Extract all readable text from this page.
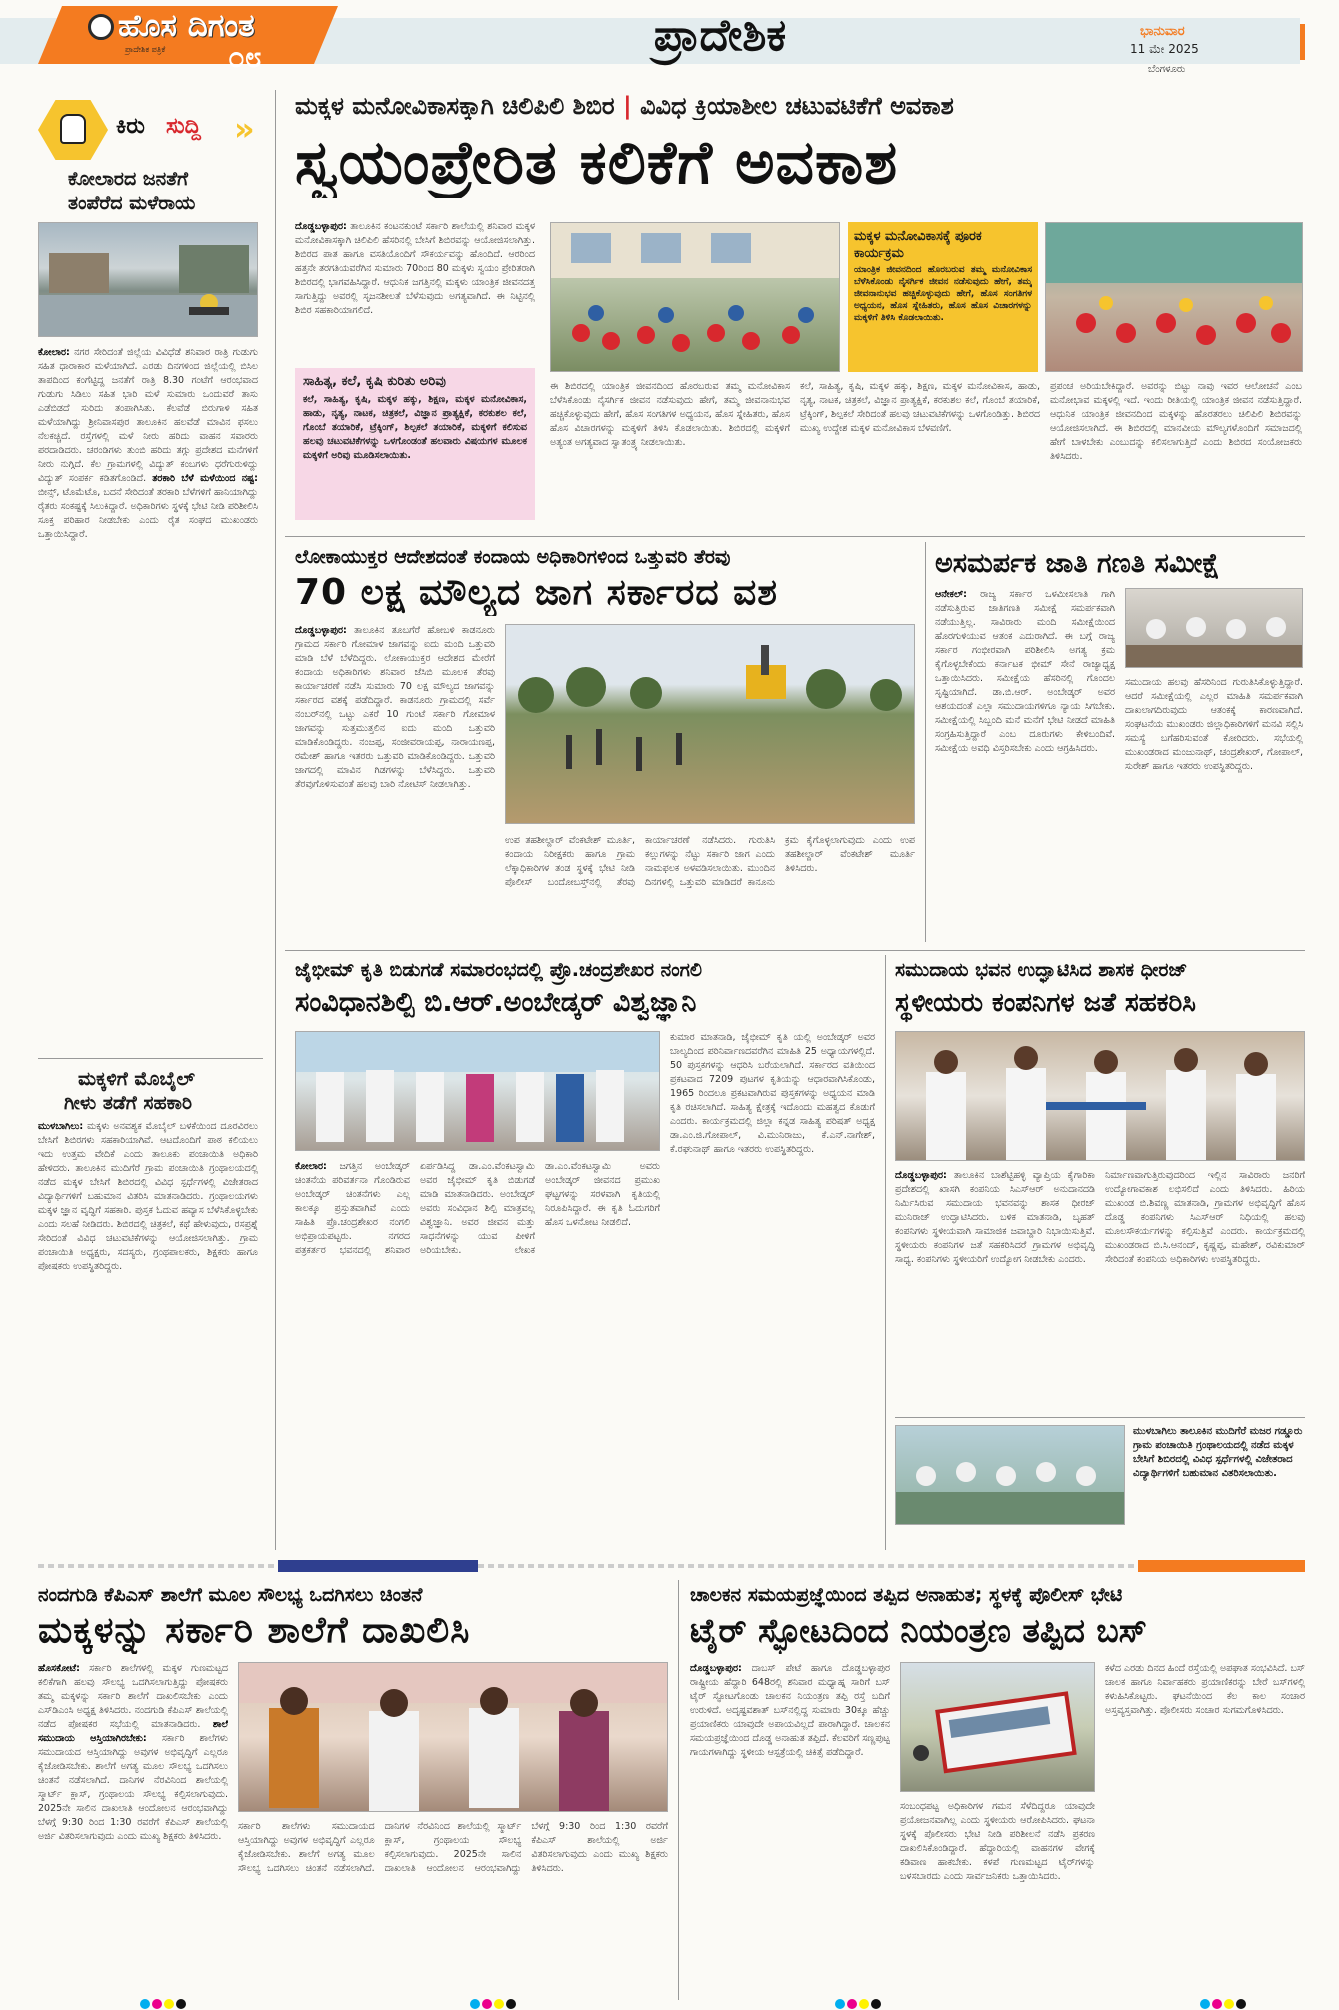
ಹೊಸ ದಿಗಂತ
ಪ್ರಾದೇಶಿಕ ಪತ್ರಿಕೆ ೦೮	ಪ್ರಾದೇಶಿಕ	ಭಾನುವಾರ
11 ಮೇ 2025
ಬೆಂಗಳೂರು
ಕಿರು ಸುದ್ದಿ »
ಕೋಲಾರದ ಜನತೆಗೆ
ತಂಪೆರೆದ ಮಳೆರಾಯ
ಕೋಲಾರ: ನಗರ ಸೇರಿದಂತೆ ಜಿಲ್ಲೆಯ ವಿವಿಧೆಡೆ ಶನಿವಾರ ರಾತ್ರಿ ಗುಡುಗು ಸಹಿತ ಧಾರಾಕಾರ ಮಳೆಯಾಗಿದೆ. ಎರಡು ದಿನಗಳಿಂದ ಜಿಲ್ಲೆಯಲ್ಲಿ ಬಿಸಿಲ ತಾಪದಿಂದ ಕಂಗೆಟ್ಟಿದ್ದ ಜನತೆಗೆ ರಾತ್ರಿ 8.30 ಗಂಟೆಗೆ ಆರಂಭವಾದ ಗುಡುಗು ಸಿಡಿಲು ಸಹಿತ ಭಾರಿ ಮಳೆ ಸುಮಾರು ಒಂದುವರೆ ತಾಸು ಎಡೆಬಿಡದೆ ಸುರಿದು ತಂಪಾಗಿಸಿತು. ಕೆಲವೆಡೆ ಬಿರುಗಾಳಿ ಸಹಿತ ಮಳೆಯಾಗಿದ್ದು ಶ್ರೀನಿವಾಸಪುರ ತಾಲೂಕಿನ ಹಲವೆಡೆ ಮಾವಿನ ಫಸಲು ನೆಲಕಚ್ಚಿದೆ. ರಸ್ತೆಗಳಲ್ಲಿ ಮಳೆ ನೀರು ಹರಿದು ವಾಹನ ಸವಾರರು ಪರದಾಡಿದರು. ಚರಂಡಿಗಳು ತುಂಬಿ ಹರಿದು ತಗ್ಗು ಪ್ರದೇಶದ ಮನೆಗಳಿಗೆ ನೀರು ನುಗ್ಗಿದೆ. ಕೆಲ ಗ್ರಾಮಗಳಲ್ಲಿ ವಿದ್ಯುತ್ ಕಂಬಗಳು ಧರೆಗುರುಳಿದ್ದು ವಿದ್ಯುತ್ ಸಂಪರ್ಕ ಕಡಿತಗೊಂಡಿದೆ. ತರಕಾರಿ ಬೆಳೆ ಮಳೆಯಿಂದ ನಷ್ಟ: ಬೀನ್ಸ್, ಟೊಮೆಟೊ, ಬದನೆ ಸೇರಿದಂತೆ ತರಕಾರಿ ಬೆಳೆಗಳಿಗೆ ಹಾನಿಯಾಗಿದ್ದು ರೈತರು ಸಂಕಷ್ಟಕ್ಕೆ ಸಿಲುಕಿದ್ದಾರೆ. ಅಧಿಕಾರಿಗಳು ಸ್ಥಳಕ್ಕೆ ಭೇಟಿ ನೀಡಿ ಪರಿಶೀಲಿಸಿ ಸೂಕ್ತ ಪರಿಹಾರ ನೀಡಬೇಕು ಎಂದು ರೈತ ಸಂಘದ ಮುಖಂಡರು ಒತ್ತಾಯಿಸಿದ್ದಾರೆ.
ಮಕ್ಕಳಿಗೆ ಮೊಬೈಲ್
ಗೀಳು ತಡೆಗೆ ಸಹಕಾರಿ
ಮುಳಬಾಗಿಲು: ಮಕ್ಕಳು ಅನವಶ್ಯಕ ಮೊಬೈಲ್ ಬಳಕೆಯಿಂದ ದೂರವಿರಲು ಬೇಸಿಗೆ ಶಿಬಿರಗಳು ಸಹಕಾರಿಯಾಗಿವೆ. ಆಟದೊಂದಿಗೆ ಪಾಠ ಕಲಿಯಲು ಇದು ಉತ್ತಮ ವೇದಿಕೆ ಎಂದು ತಾಲೂಕು ಪಂಚಾಯಿತಿ ಅಧಿಕಾರಿ ಹೇಳಿದರು. ತಾಲೂಕಿನ ಮುದಿಗೆರೆ ಗ್ರಾಮ ಪಂಚಾಯಿತಿ ಗ್ರಂಥಾಲಯದಲ್ಲಿ ನಡೆದ ಮಕ್ಕಳ ಬೇಸಿಗೆ ಶಿಬಿರದಲ್ಲಿ ವಿವಿಧ ಸ್ಪರ್ಧೆಗಳಲ್ಲಿ ವಿಜೇತರಾದ ವಿದ್ಯಾರ್ಥಿಗಳಿಗೆ ಬಹುಮಾನ ವಿತರಿಸಿ ಮಾತನಾಡಿದರು. ಗ್ರಂಥಾಲಯಗಳು ಮಕ್ಕಳ ಜ್ಞಾನ ವೃದ್ಧಿಗೆ ಸಹಕಾರಿ. ಪುಸ್ತಕ ಓದುವ ಹವ್ಯಾಸ ಬೆಳೆಸಿಕೊಳ್ಳಬೇಕು ಎಂದು ಸಲಹೆ ನೀಡಿದರು. ಶಿಬಿರದಲ್ಲಿ ಚಿತ್ರಕಲೆ, ಕಥೆ ಹೇಳುವುದು, ರಸಪ್ರಶ್ನೆ ಸೇರಿದಂತೆ ವಿವಿಧ ಚಟುವಟಿಕೆಗಳನ್ನು ಆಯೋಜಿಸಲಾಗಿತ್ತು. ಗ್ರಾಮ ಪಂಚಾಯಿತಿ ಅಧ್ಯಕ್ಷರು, ಸದಸ್ಯರು, ಗ್ರಂಥಪಾಲಕರು, ಶಿಕ್ಷಕರು ಹಾಗೂ ಪೋಷಕರು ಉಪಸ್ಥಿತರಿದ್ದರು.
ಮಕ್ಕಳ ಮನೋವಿಕಾಸಕ್ಕಾಗಿ ಚಿಲಿಪಿಲಿ ಶಿಬಿರ | ವಿವಿಧ ಕ್ರಿಯಾಶೀಲ ಚಟುವಟಿಕೆಗೆ ಅವಕಾಶ
ಸ್ವಯಂಪ್ರೇರಿತ ಕಲಿಕೆಗೆ ಅವಕಾಶ
ದೊಡ್ಡಬಳ್ಳಾಪುರ: ತಾಲೂಕಿನ ಕಂಟನಕುಂಟೆ ಸರ್ಕಾರಿ ಶಾಲೆಯಲ್ಲಿ ಶನಿವಾರ ಮಕ್ಕಳ ಮನೋವಿಕಾಸಕ್ಕಾಗಿ ಚಿಲಿಪಿಲಿ ಹೆಸರಿನಲ್ಲಿ ಬೇಸಿಗೆ ಶಿಬಿರವನ್ನು ಆಯೋಜಿಸಲಾಗಿತ್ತು. ಶಿಬಿರದ ಪಾತ ಹಾಗೂ ವಸತಿಯೊಂದಿಗೆ ಸೌಕರ್ಯವನ್ನು ಹೊಂದಿದೆ. ಆರರಿಂದ ಹತ್ತನೇ ತರಗತಿಯವರೆಗಿನ ಸುಮಾರು 70ರಿಂದ 80 ಮಕ್ಕಳು ಸ್ವಯಂ ಪ್ರೇರಿತರಾಗಿ ಶಿಬಿರದಲ್ಲಿ ಭಾಗವಹಿಸಿದ್ದಾರೆ. ಆಧುನಿಕ ಜಗತ್ತಿನಲ್ಲಿ ಮಕ್ಕಳು ಯಾಂತ್ರಿಕ ಜೀವನದತ್ತ ಸಾಗುತ್ತಿದ್ದು ಅವರಲ್ಲಿ ಸೃಜನಶೀಲತೆ ಬೆಳೆಸುವುದು ಅಗತ್ಯವಾಗಿದೆ. ಈ ನಿಟ್ಟಿನಲ್ಲಿ ಶಿಬಿರ ಸಹಕಾರಿಯಾಗಲಿದೆ.
ಸಾಹಿತ್ಯ, ಕಲೆ, ಕೃಷಿ ಕುರಿತು ಅರಿವು
ಕಲೆ, ಸಾಹಿತ್ಯ, ಕೃಷಿ, ಮಕ್ಕಳ ಹಕ್ಕು, ಶಿಕ್ಷಣ, ಮಕ್ಕಳ ಮನೋವಿಕಾಸ, ಹಾಡು, ನೃತ್ಯ, ನಾಟಕ, ಚಿತ್ರಕಲೆ, ವಿಜ್ಞಾನ ಪ್ರಾತ್ಯಕ್ಷಿಕೆ, ಕರಕುಶಲ ಕಲೆ, ಗೊಂಬೆ ತಯಾರಿಕೆ, ಟ್ರೆಕ್ಕಿಂಗ್, ಶಿಲ್ಪಕಲೆ ತಯಾರಿಕೆ, ಮಕ್ಕಳಿಗೆ ಕಲಿಸುವ ಹಲವು ಚಟುವಟಿಕೆಗಳನ್ನು ಒಳಗೊಂಡಂತೆ ಹಲವಾರು ವಿಷಯಗಳ ಮೂಲಕ ಮಕ್ಕಳಿಗೆ ಅರಿವು ಮೂಡಿಸಲಾಯಿತು.
ಮಕ್ಕಳ ಮನೋವಿಕಾಸಕ್ಕೆ ಪೂರಕ ಕಾರ್ಯಕ್ರಮ
ಯಾಂತ್ರಿಕ ಜೀವನದಿಂದ ಹೊರಬರುವ ತಮ್ಮ ಮನೋವಿಕಾಸ ಬೆಳೆಸಿಕೊಂಡು ನೈಸರ್ಗಿಕ ಜೀವನ ನಡೆಸುವುದು ಹೇಗೆ, ತಮ್ಮ ಜೀವನಾನುಭವ ಹಚ್ಚಿಕೊಳ್ಳುವುದು ಹೇಗೆ, ಹೊಸ ಸಂಗತಿಗಳ ಅಧ್ಯಯನ, ಹೊಸ ಸ್ನೇಹಿತರು, ಹೊಸ ಹೊಸ ವಿಚಾರಗಳನ್ನು ಮಕ್ಕಳಿಗೆ ತಿಳಿಸಿ ಕೊಡಲಾಯಿತು.
ಈ ಶಿಬಿರದಲ್ಲಿ ಯಾಂತ್ರಿಕ ಜೀವನದಿಂದ ಹೊರಬರುವ ತಮ್ಮ ಮನೋವಿಕಾಸ ಬೆಳೆಸಿಕೊಂಡು ನೈಸರ್ಗಿಕ ಜೀವನ ನಡೆಸುವುದು ಹೇಗೆ, ತಮ್ಮ ಜೀವನಾನುಭವ ಹಚ್ಚಿಕೊಳ್ಳುವುದು ಹೇಗೆ, ಹೊಸ ಸಂಗತಿಗಳ ಅಧ್ಯಯನ, ಹೊಸ ಸ್ನೇಹಿತರು, ಹೊಸ ಹೊಸ ವಿಚಾರಗಳನ್ನು ಮಕ್ಕಳಿಗೆ ತಿಳಿಸಿ ಕೊಡಲಾಯಿತು. ಶಿಬಿರದಲ್ಲಿ ಮಕ್ಕಳಿಗೆ ಅತ್ಯಂತ ಅಗತ್ಯವಾದ ಸ್ವಾತಂತ್ರ್ಯ ನೀಡಲಾಯಿತು.
ಕಲೆ, ಸಾಹಿತ್ಯ, ಕೃಷಿ, ಮಕ್ಕಳ ಹಕ್ಕು, ಶಿಕ್ಷಣ, ಮಕ್ಕಳ ಮನೋವಿಕಾಸ, ಹಾಡು, ನೃತ್ಯ, ನಾಟಕ, ಚಿತ್ರಕಲೆ, ವಿಜ್ಞಾನ ಪ್ರಾತ್ಯಕ್ಷಿಕೆ, ಕರಕುಶಲ ಕಲೆ, ಗೊಂಬೆ ತಯಾರಿಕೆ, ಟ್ರೆಕ್ಕಿಂಗ್, ಶಿಲ್ಪಕಲೆ ಸೇರಿದಂತೆ ಹಲವು ಚಟುವಟಿಕೆಗಳನ್ನು ಒಳಗೊಂಡಿತ್ತು. ಶಿಬಿರದ ಮುಖ್ಯ ಉದ್ದೇಶ ಮಕ್ಕಳ ಮನೋವಿಕಾಸ ಬೆಳವಣಿಗೆ.
ಪ್ರಪಂಚ ಅರಿಯಬೇಕಿದ್ದಾರೆ. ಅವರನ್ನು ಬಿಟ್ಟು ನಾವು ಇವರ ಆಲೋಚನೆ ಎಂಬ ಮನೋಭಾವ ಮಕ್ಕಳಲ್ಲಿ ಇದೆ. ಇಂದು ರೀತಿಯಲ್ಲಿ ಯಾಂತ್ರಿಕ ಜೀವನ ನಡೆಸುತ್ತಿದ್ದಾರೆ. ಆಧುನಿಕ ಯಾಂತ್ರಿಕ ಜೀವನದಿಂದ ಮಕ್ಕಳನ್ನು ಹೊರತರಲು ಚಿಲಿಪಿಲಿ ಶಿಬಿರವನ್ನು ಆಯೋಜಿಸಲಾಗಿದೆ. ಈ ಶಿಬಿರದಲ್ಲಿ ಮಾನವೀಯ ಮೌಲ್ಯಗಳೊಂದಿಗೆ ಸಮಾಜದಲ್ಲಿ ಹೇಗೆ ಬಾಳಬೇಕು ಎಂಬುದನ್ನು ಕಲಿಸಲಾಗುತ್ತಿದೆ ಎಂದು ಶಿಬಿರದ ಸಂಯೋಜಕರು ತಿಳಿಸಿದರು.
ಲೋಕಾಯುಕ್ತರ ಆದೇಶದಂತೆ ಕಂದಾಯ ಅಧಿಕಾರಿಗಳಿಂದ ಒತ್ತುವರಿ ತೆರವು
70 ಲಕ್ಷ ಮೌಲ್ಯದ ಜಾಗ ಸರ್ಕಾರದ ವಶ
ದೊಡ್ಡಬಳ್ಳಾಪುರ: ತಾಲೂಕಿನ ತೂಬಗೆರೆ ಹೋಬಳಿ ಕಾಡನೂರು ಗ್ರಾಮದ ಸರ್ಕಾರಿ ಗೋಮಾಳ ಜಾಗವನ್ನು ಐದು ಮಂದಿ ಒತ್ತುವರಿ ಮಾಡಿ ಬೆಳೆ ಬೆಳೆದಿದ್ದರು. ಲೋಕಾಯುಕ್ತರ ಆದೇಶದ ಮೇರೆಗೆ ಕಂದಾಯ ಅಧಿಕಾರಿಗಳು ಶನಿವಾರ ಜೆಸಿಬಿ ಮೂಲಕ ತೆರವು ಕಾರ್ಯಾಚರಣೆ ನಡೆಸಿ ಸುಮಾರು 70 ಲಕ್ಷ ಮೌಲ್ಯದ ಜಾಗವನ್ನು ಸರ್ಕಾರದ ವಶಕ್ಕೆ ಪಡೆದಿದ್ದಾರೆ. ಕಾಡನೂರು ಗ್ರಾಮದಲ್ಲಿ ಸರ್ವೆ ನಂಬರ್‌ನಲ್ಲಿ ಒಟ್ಟು ಎಕರೆ 10 ಗುಂಟೆ ಸರ್ಕಾರಿ ಗೋಮಾಳ ಜಾಗವನ್ನು ಸುತ್ತಮುತ್ತಲಿನ ಐದು ಮಂದಿ ಒತ್ತುವರಿ ಮಾಡಿಕೊಂಡಿದ್ದರು. ನಂಜಪ್ಪ, ಸಂಜೀವರಾಯಪ್ಪ, ನಾರಾಯಣಪ್ಪ, ರಮೇಶ್ ಹಾಗೂ ಇತರರು ಒತ್ತುವರಿ ಮಾಡಿಕೊಂಡಿದ್ದರು. ಒತ್ತುವರಿ ಜಾಗದಲ್ಲಿ ಮಾವಿನ ಗಿಡಗಳನ್ನು ಬೆಳೆಸಿದ್ದರು. ಒತ್ತುವರಿ ತೆರವುಗೊಳಿಸುವಂತೆ ಹಲವು ಬಾರಿ ನೋಟಿಸ್ ನೀಡಲಾಗಿತ್ತು.
ಉಪ ತಹಶೀಲ್ದಾರ್ ವೆಂಕಟೇಶ್ ಮೂರ್ತಿ, ಕಂದಾಯ ನಿರೀಕ್ಷಕರು ಹಾಗೂ ಗ್ರಾಮ ಲೆಕ್ಕಾಧಿಕಾರಿಗಳ ತಂಡ ಸ್ಥಳಕ್ಕೆ ಭೇಟಿ ನೀಡಿ ಪೊಲೀಸ್ ಬಂದೋಬಸ್ತ್‌ನಲ್ಲಿ ತೆರವು ಕಾರ್ಯಾಚರಣೆ ನಡೆಸಿದರು. ಗುರುತಿಸಿ ಕಲ್ಲುಗಳನ್ನು ನೆಟ್ಟು ಸರ್ಕಾರಿ ಜಾಗ ಎಂದು ನಾಮಫಲಕ ಅಳವಡಿಸಲಾಯಿತು. ಮುಂದಿನ ದಿನಗಳಲ್ಲಿ ಒತ್ತುವರಿ ಮಾಡಿದರೆ ಕಾನೂನು ಕ್ರಮ ಕೈಗೊಳ್ಳಲಾಗುವುದು ಎಂದು ಉಪ ತಹಶೀಲ್ದಾರ್ ವೆಂಕಟೇಶ್ ಮೂರ್ತಿ ತಿಳಿಸಿದರು.
ಅಸಮರ್ಪಕ ಜಾತಿ ಗಣತಿ ಸಮೀಕ್ಷೆ
ಆನೇಕಲ್: ರಾಜ್ಯ ಸರ್ಕಾರ ಒಳಮೀಸಲಾತಿ ಗಾಗಿ ನಡೆಸುತ್ತಿರುವ ಜಾತಿಗಣತಿ ಸಮೀಕ್ಷೆ ಸಮರ್ಪಕವಾಗಿ ನಡೆಯುತ್ತಿಲ್ಲ. ಸಾವಿರಾರು ಮಂದಿ ಸಮೀಕ್ಷೆಯಿಂದ ಹೊರಗುಳಿಯುವ ಆತಂಕ ಎದುರಾಗಿದೆ. ಈ ಬಗ್ಗೆ ರಾಜ್ಯ ಸರ್ಕಾರ ಗಂಭೀರವಾಗಿ ಪರಿಶೀಲಿಸಿ ಅಗತ್ಯ ಕ್ರಮ ಕೈಗೊಳ್ಳಬೇಕೆಂದು ಕರ್ನಾಟಕ ಭೀಮ್ ಸೇನೆ ರಾಜ್ಯಾಧ್ಯಕ್ಷ ಒತ್ತಾಯಿಸಿದರು. ಸಮೀಕ್ಷೆಯ ಹೆಸರಿನಲ್ಲಿ ಗೊಂದಲ ಸೃಷ್ಟಿಯಾಗಿದೆ. ಡಾ.ಬಿ.ಆರ್. ಅಂಬೇಡ್ಕರ್ ಅವರ ಆಶಯದಂತೆ ಎಲ್ಲಾ ಸಮುದಾಯಗಳಿಗೂ ನ್ಯಾಯ ಸಿಗಬೇಕು. ಸಮೀಕ್ಷೆಯಲ್ಲಿ ಸಿಬ್ಬಂದಿ ಮನೆ ಮನೆಗೆ ಭೇಟಿ ನೀಡದೆ ಮಾಹಿತಿ ಸಂಗ್ರಹಿಸುತ್ತಿದ್ದಾರೆ ಎಂಬ ದೂರುಗಳು ಕೇಳಿಬಂದಿವೆ. ಸಮೀಕ್ಷೆಯ ಅವಧಿ ವಿಸ್ತರಿಸಬೇಕು ಎಂದು ಆಗ್ರಹಿಸಿದರು.
ಸಮುದಾಯ ಹಲವು ಹೆಸರಿನಿಂದ ಗುರುತಿಸಿಕೊಳ್ಳುತ್ತಿದ್ದಾರೆ. ಆದರೆ ಸಮೀಕ್ಷೆಯಲ್ಲಿ ಎಲ್ಲರ ಮಾಹಿತಿ ಸಮರ್ಪಕವಾಗಿ ದಾಖಲಾಗದಿರುವುದು ಆತಂಕಕ್ಕೆ ಕಾರಣವಾಗಿದೆ. ಸಂಘಟನೆಯ ಮುಖಂಡರು ಜಿಲ್ಲಾಧಿಕಾರಿಗಳಿಗೆ ಮನವಿ ಸಲ್ಲಿಸಿ ಸಮಸ್ಯೆ ಬಗೆಹರಿಸುವಂತೆ ಕೋರಿದರು. ಸಭೆಯಲ್ಲಿ ಮುಖಂಡರಾದ ಮಂಜುನಾಥ್, ಚಂದ್ರಶೇಖರ್, ಗೋಪಾಲ್, ಸುರೇಶ್ ಹಾಗೂ ಇತರರು ಉಪಸ್ಥಿತರಿದ್ದರು.
ಜೈಭೀಮ್ ಕೃತಿ ಬಿಡುಗಡೆ ಸಮಾರಂಭದಲ್ಲಿ ಪ್ರೊ.ಚಂದ್ರಶೇಖರ ನಂಗಲಿ
ಸಂವಿಧಾನಶಿಲ್ಪಿ ಬಿ.ಆರ್.ಅಂಬೇಡ್ಕರ್ ವಿಶ್ವಜ್ಞಾನಿ
ಕೋಲಾರ: ಜಗತ್ತಿನ ಅಂಬೇಡ್ಕರ್ ಚಿಂತನೆಯ ಪರಿವರ್ತನಾ ಗೊಂಡಿರುವ ಅಂಬೇಡ್ಕರ್ ಚಿಂತನೆಗಳು ಎಲ್ಲ ಕಾಲಕ್ಕೂ ಪ್ರಸ್ತುತವಾಗಿವೆ ಎಂದು ಸಾಹಿತಿ ಪ್ರೊ.ಚಂದ್ರಶೇಖರ ನಂಗಲಿ ಅಭಿಪ್ರಾಯಪಟ್ಟರು. ನಗರದ ಪತ್ರಕರ್ತರ ಭವನದಲ್ಲಿ ಶನಿವಾರ ಏರ್ಪಡಿಸಿದ್ದ ಡಾ.ಎಂ.ವೆಂಕಟಸ್ವಾಮಿ ಅವರ ಜೈಭೀಮ್ ಕೃತಿ ಬಿಡುಗಡೆ ಮಾಡಿ ಮಾತನಾಡಿದರು. ಅಂಬೇಡ್ಕರ್ ಅವರು ಸಂವಿಧಾನ ಶಿಲ್ಪಿ ಮಾತ್ರವಲ್ಲ ವಿಶ್ವಜ್ಞಾನಿ. ಅವರ ಜೀವನ ಮತ್ತು ಸಾಧನೆಗಳನ್ನು ಯುವ ಪೀಳಿಗೆ ಅರಿಯಬೇಕು. ಲೇಖಕ ಡಾ.ಎಂ.ವೆಂಕಟಸ್ವಾಮಿ ಅವರು ಅಂಬೇಡ್ಕರ್ ಜೀವನದ ಪ್ರಮುಖ ಘಟ್ಟಗಳನ್ನು ಸರಳವಾಗಿ ಕೃತಿಯಲ್ಲಿ ನಿರೂಪಿಸಿದ್ದಾರೆ. ಈ ಕೃತಿ ಓದುಗರಿಗೆ ಹೊಸ ಒಳನೋಟ ನೀಡಲಿದೆ.
ಕುಮಾರ ಮಾತನಾಡಿ, ಜೈಭೀಮ್ ಕೃತಿ ಯಲ್ಲಿ ಅಂಬೇಡ್ಕರ್ ಅವರ ಬಾಲ್ಯದಿಂದ ಪರಿನಿರ್ವಾಣದವರೆಗಿನ ಮಾಹಿತಿ 25 ಅಧ್ಯಾಯಗಳಲ್ಲಿದೆ. 50 ಪುಸ್ತಕಗಳನ್ನು ಆಧರಿಸಿ ಬರೆಯಲಾಗಿದೆ. ಸರ್ಕಾರದ ವತಿಯಿಂದ ಪ್ರಕಟವಾದ 7209 ಪುಟಗಳ ಕೃತಿಯನ್ನು ಆಧಾರವಾಗಿಸಿಕೊಂಡು, 1965 ರಿಂದಲೂ ಪ್ರಕಟವಾಗಿರುವ ಪುಸ್ತಕಗಳನ್ನು ಅಧ್ಯಯನ ಮಾಡಿ ಕೃತಿ ರಚಿಸಲಾಗಿದೆ. ಸಾಹಿತ್ಯ ಕ್ಷೇತ್ರಕ್ಕೆ ಇದೊಂದು ಮಹತ್ವದ ಕೊಡುಗೆ ಎಂದರು. ಕಾರ್ಯಕ್ರಮದಲ್ಲಿ ಜಿಲ್ಲಾ ಕನ್ನಡ ಸಾಹಿತ್ಯ ಪರಿಷತ್ ಅಧ್ಯಕ್ಷ ಡಾ.ಎಂ.ಜಿ.ಗೋಪಾಲ್, ವಿ.ಮುನಿರಾಜು, ಕೆ.ಎನ್.ನಾಗೇಶ್, ಕೆ.ರಘುನಾಥ್ ಹಾಗೂ ಇತರರು ಉಪಸ್ಥಿತರಿದ್ದರು.
ಸಮುದಾಯ ಭವನ ಉದ್ಘಾಟಿಸಿದ ಶಾಸಕ ಧೀರಜ್
ಸ್ಥಳೀಯರು ಕಂಪನಿಗಳ ಜತೆ ಸಹಕರಿಸಿ
ದೊಡ್ಡಬಳ್ಳಾಪುರ: ತಾಲೂಕಿನ ಬಾಶೆಟ್ಟಿಹಳ್ಳಿ ವ್ಯಾಪ್ತಿಯ ಕೈಗಾರಿಕಾ ಪ್ರದೇಶದಲ್ಲಿ ಖಾಸಗಿ ಕಂಪನಿಯ ಸಿಎಸ್‌ಆರ್ ಅನುದಾನದಡಿ ನಿರ್ಮಿಸಿರುವ ಸಮುದಾಯ ಭವನವನ್ನು ಶಾಸಕ ಧೀರಜ್ ಮುನಿರಾಜ್ ಉದ್ಘಾಟಿಸಿದರು. ಬಳಿಕ ಮಾತನಾಡಿ, ಬೃಹತ್ ಕಂಪನಿಗಳು ಸ್ಥಳೀಯವಾಗಿ ಸಾಮಾಜಿಕ ಜವಾಬ್ದಾರಿ ನಿಭಾಯಿಸುತ್ತಿವೆ. ಸ್ಥಳೀಯರು ಕಂಪನಿಗಳ ಜತೆ ಸಹಕರಿಸಿದರೆ ಗ್ರಾಮಗಳ ಅಭಿವೃದ್ಧಿ ಸಾಧ್ಯ. ಕಂಪನಿಗಳು ಸ್ಥಳೀಯರಿಗೆ ಉದ್ಯೋಗ ನೀಡಬೇಕು ಎಂದರು.
ನಿರ್ಮಾಣವಾಗುತ್ತಿರುವುದರಿಂದ ಇಲ್ಲಿನ ಸಾವಿರಾರು ಜನರಿಗೆ ಉದ್ಯೋಗಾವಕಾಶ ಲಭಿಸಲಿದೆ ಎಂದು ತಿಳಿಸಿದರು. ಹಿರಿಯ ಮುಖಂಡ ಬಿ.ಶಿವಣ್ಣ ಮಾತನಾಡಿ, ಗ್ರಾಮಗಳ ಅಭಿವೃದ್ಧಿಗೆ ಹೊಸ ದೊಡ್ಡ ಕಂಪನಿಗಳು ಸಿಎಸ್‌ಆರ್ ನಿಧಿಯಲ್ಲಿ ಹಲವು ಮೂಲಸೌಕರ್ಯಗಳನ್ನು ಕಲ್ಪಿಸುತ್ತಿವೆ ಎಂದರು. ಕಾರ್ಯಕ್ರಮದಲ್ಲಿ ಮುಖಂಡರಾದ ಬಿ.ಸಿ.ಆನಂದ್, ಕೃಷ್ಣಪ್ಪ, ಮಹೇಶ್, ರವಿಕುಮಾರ್ ಸೇರಿದಂತೆ ಕಂಪನಿಯ ಅಧಿಕಾರಿಗಳು ಉಪಸ್ಥಿತರಿದ್ದರು.
ಮುಳಬಾಗಿಲು ತಾಲೂಕಿನ ಮುದಿಗೆರೆ ಮಜರ ಗಡ್ಡೂರು ಗ್ರಾಮ ಪಂಚಾಯಿತಿ ಗ್ರಂಥಾಲಯದಲ್ಲಿ ನಡೆದ ಮಕ್ಕಳ ಬೇಸಿಗೆ ಶಿಬಿರದಲ್ಲಿ ವಿವಿಧ ಸ್ಪರ್ಧೆಗಳಲ್ಲಿ ವಿಜೇತರಾದ ವಿದ್ಯಾರ್ಥಿಗಳಿಗೆ ಬಹುಮಾನ ವಿತರಿಸಲಾಯಿತು.
ನಂದಗುಡಿ ಕೆಪಿಎಸ್ ಶಾಲೆಗೆ ಮೂಲ ಸೌಲಭ್ಯ ಒದಗಿಸಲು ಚಿಂತನೆ
ಮಕ್ಕಳನ್ನು ಸರ್ಕಾರಿ ಶಾಲೆಗೆ ದಾಖಲಿಸಿ
ಹೊಸಕೋಟೆ: ಸರ್ಕಾರಿ ಶಾಲೆಗಳಲ್ಲಿ ಮಕ್ಕಳ ಗುಣಮಟ್ಟದ ಕಲಿಕೆಗಾಗಿ ಹಲವು ಸೌಲಭ್ಯ ಒದಗಿಸಲಾಗುತ್ತಿದ್ದು ಪೋಷಕರು ತಮ್ಮ ಮಕ್ಕಳನ್ನು ಸರ್ಕಾರಿ ಶಾಲೆಗೆ ದಾಖಲಿಸಬೇಕು ಎಂದು ಎಸ್‌ಡಿಎಂಸಿ ಅಧ್ಯಕ್ಷ ತಿಳಿಸಿದರು. ನಂದಗುಡಿ ಕೆಪಿಎಸ್ ಶಾಲೆಯಲ್ಲಿ ನಡೆದ ಪೋಷಕರ ಸಭೆಯಲ್ಲಿ ಮಾತನಾಡಿದರು. ಶಾಲೆ ಸಮುದಾಯ ಆಸ್ತಿಯಾಗಿರಬೇಕು: ಸರ್ಕಾರಿ ಶಾಲೆಗಳು ಸಮುದಾಯದ ಆಸ್ತಿಯಾಗಿದ್ದು ಅವುಗಳ ಅಭಿವೃದ್ಧಿಗೆ ಎಲ್ಲರೂ ಕೈಜೋಡಿಸಬೇಕು. ಶಾಲೆಗೆ ಅಗತ್ಯ ಮೂಲ ಸೌಲಭ್ಯ ಒದಗಿಸಲು ಚಿಂತನೆ ನಡೆಸಲಾಗಿದೆ. ದಾನಿಗಳ ನೆರವಿನಿಂದ ಶಾಲೆಯಲ್ಲಿ ಸ್ಮಾರ್ಟ್ ಕ್ಲಾಸ್, ಗ್ರಂಥಾಲಯ ಸೌಲಭ್ಯ ಕಲ್ಪಿಸಲಾಗುವುದು. 2025ನೇ ಸಾಲಿನ ದಾಖಲಾತಿ ಆಂದೋಲನ ಆರಂಭವಾಗಿದ್ದು ಬೆಳಗ್ಗೆ 9:30 ರಿಂದ 1:30 ರವರೆಗೆ ಕೆಪಿಎಸ್ ಶಾಲೆಯಲ್ಲಿ ಅರ್ಜಿ ವಿತರಿಸಲಾಗುವುದು ಎಂದು ಮುಖ್ಯ ಶಿಕ್ಷಕರು ತಿಳಿಸಿದರು.
ಸರ್ಕಾರಿ ಶಾಲೆಗಳು ಸಮುದಾಯದ ಆಸ್ತಿಯಾಗಿದ್ದು ಅವುಗಳ ಅಭಿವೃದ್ಧಿಗೆ ಎಲ್ಲರೂ ಕೈಜೋಡಿಸಬೇಕು. ಶಾಲೆಗೆ ಅಗತ್ಯ ಮೂಲ ಸೌಲಭ್ಯ ಒದಗಿಸಲು ಚಿಂತನೆ ನಡೆಸಲಾಗಿದೆ. ದಾನಿಗಳ ನೆರವಿನಿಂದ ಶಾಲೆಯಲ್ಲಿ ಸ್ಮಾರ್ಟ್ ಕ್ಲಾಸ್, ಗ್ರಂಥಾಲಯ ಸೌಲಭ್ಯ ಕಲ್ಪಿಸಲಾಗುವುದು. 2025ನೇ ಸಾಲಿನ ದಾಖಲಾತಿ ಆಂದೋಲನ ಆರಂಭವಾಗಿದ್ದು ಬೆಳಗ್ಗೆ 9:30 ರಿಂದ 1:30 ರವರೆಗೆ ಕೆಪಿಎಸ್ ಶಾಲೆಯಲ್ಲಿ ಅರ್ಜಿ ವಿತರಿಸಲಾಗುವುದು ಎಂದು ಮುಖ್ಯ ಶಿಕ್ಷಕರು ತಿಳಿಸಿದರು.
ಚಾಲಕನ ಸಮಯಪ್ರಜ್ಞೆಯಿಂದ ತಪ್ಪಿದ ಅನಾಹುತ; ಸ್ಥಳಕ್ಕೆ ಪೊಲೀಸ್ ಭೇಟಿ
ಟೈರ್ ಸ್ಫೋಟದಿಂದ ನಿಯಂತ್ರಣ ತಪ್ಪಿದ ಬಸ್
ದೊಡ್ಡಬಳ್ಳಾಪುರ: ದಾಬಸ್ ಪೇಟೆ ಹಾಗೂ ದೊಡ್ಡಬಳ್ಳಾಪುರ ರಾಷ್ಟ್ರೀಯ ಹೆದ್ದಾರಿ 648ರಲ್ಲಿ ಶನಿವಾರ ಮಧ್ಯಾಹ್ನ ಸಾರಿಗೆ ಬಸ್ ಟೈರ್ ಸ್ಫೋಟಗೊಂಡು ಚಾಲಕನ ನಿಯಂತ್ರಣ ತಪ್ಪಿ ರಸ್ತೆ ಬದಿಗೆ ಉರುಳಿದೆ. ಅದೃಷ್ಟವಶಾತ್ ಬಸ್‌ನಲ್ಲಿದ್ದ ಸುಮಾರು 30ಕ್ಕೂ ಹೆಚ್ಚು ಪ್ರಯಾಣಿಕರು ಯಾವುದೇ ಅಪಾಯವಿಲ್ಲದೆ ಪಾರಾಗಿದ್ದಾರೆ. ಚಾಲಕನ ಸಮಯಪ್ರಜ್ಞೆಯಿಂದ ದೊಡ್ಡ ಅನಾಹುತ ತಪ್ಪಿದೆ. ಕೆಲವರಿಗೆ ಸಣ್ಣಪುಟ್ಟ ಗಾಯಗಳಾಗಿದ್ದು ಸ್ಥಳೀಯ ಆಸ್ಪತ್ರೆಯಲ್ಲಿ ಚಿಕಿತ್ಸೆ ಪಡೆದಿದ್ದಾರೆ.
ಸಂಬಂಧಪಟ್ಟ ಅಧಿಕಾರಿಗಳ ಗಮನ ಸೆಳೆದಿದ್ದರೂ ಯಾವುದೇ ಪ್ರಯೋಜನವಾಗಿಲ್ಲ ಎಂದು ಸ್ಥಳೀಯರು ಆರೋಪಿಸಿದರು. ಘಟನಾ ಸ್ಥಳಕ್ಕೆ ಪೊಲೀಸರು ಭೇಟಿ ನೀಡಿ ಪರಿಶೀಲನೆ ನಡೆಸಿ ಪ್ರಕರಣ ದಾಖಲಿಸಿಕೊಂಡಿದ್ದಾರೆ. ಹೆದ್ದಾರಿಯಲ್ಲಿ ವಾಹನಗಳ ವೇಗಕ್ಕೆ ಕಡಿವಾಣ ಹಾಕಬೇಕು. ಕಳಪೆ ಗುಣಮಟ್ಟದ ಟೈರ್‌ಗಳನ್ನು ಬಳಸಬಾರದು ಎಂದು ಸಾರ್ವಜನಿಕರು ಒತ್ತಾಯಿಸಿದರು.
ಕಳೆದ ಎರಡು ದಿನದ ಹಿಂದೆ ರಸ್ತೆಯಲ್ಲಿ ಅಪಘಾತ ಸಂಭವಿಸಿದೆ. ಬಸ್ ಚಾಲಕ ಹಾಗೂ ನಿರ್ವಾಹಕರು ಪ್ರಯಾಣಿಕರನ್ನು ಬೇರೆ ಬಸ್‌ಗಳಲ್ಲಿ ಕಳುಹಿಸಿಕೊಟ್ಟರು. ಘಟನೆಯಿಂದ ಕೆಲ ಕಾಲ ಸಂಚಾರ ಅಸ್ತವ್ಯಸ್ತವಾಗಿತ್ತು. ಪೊಲೀಸರು ಸಂಚಾರ ಸುಗಮಗೊಳಿಸಿದರು.
